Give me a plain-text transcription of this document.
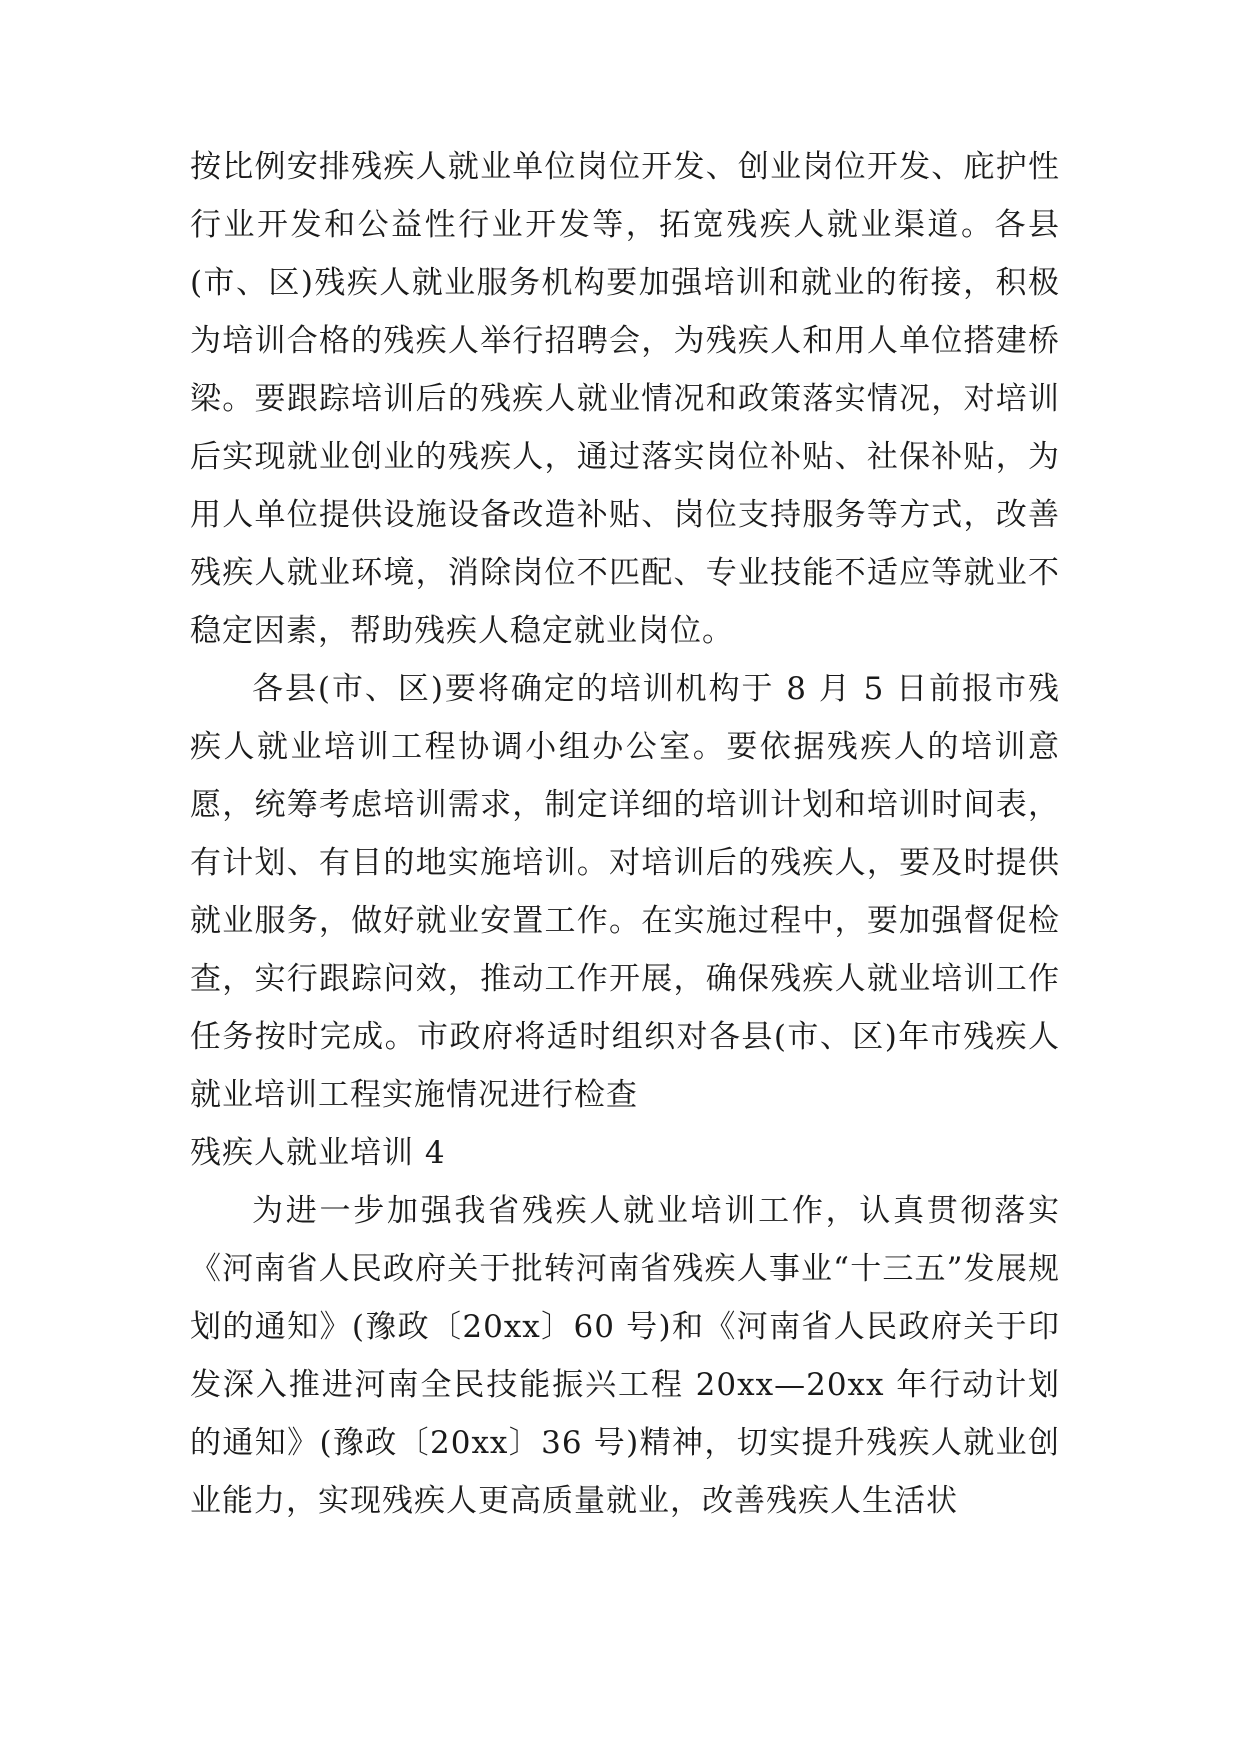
按比例安排残疾人就业单位岗位开发、创业岗位开发、庇护性行业开发和公益性行业开发等，拓宽残疾人就业渠道。各县(市、区)残疾人就业服务机构要加强培训和就业的衔接，积极为培训合格的残疾人举行招聘会，为残疾人和用人单位搭建桥梁。要跟踪培训后的残疾人就业情况和政策落实情况，对培训后实现就业创业的残疾人，通过落实岗位补贴、社保补贴，为用人单位提供设施设备改造补贴、岗位支持服务等方式，改善残疾人就业环境，消除岗位不匹配、专业技能不适应等就业不稳定因素，帮助残疾人稳定就业岗位。

各县(市、区)要将确定的培训机构于 8 月 5 日前报市残疾人就业培训工程协调小组办公室。要依据残疾人的培训意愿，统筹考虑培训需求，制定详细的培训计划和培训时间表，有计划、有目的地实施培训。对培训后的残疾人，要及时提供就业服务，做好就业安置工作。在实施过程中，要加强督促检查，实行跟踪问效，推动工作开展，确保残疾人就业培训工作任务按时完成。市政府将适时组织对各县(市、区)年市残疾人就业培训工程实施情况进行检查

残疾人就业培训 4

为进一步加强我省残疾人就业培训工作，认真贯彻落实《河南省人民政府关于批转河南省残疾人事业“十三五”发展规划的通知》(豫政〔20xx〕60 号)和《河南省人民政府关于印发深入推进河南全民技能振兴工程 20xx—20xx 年行动计划的通知》(豫政〔20xx〕36 号)精神，切实提升残疾人就业创业能力，实现残疾人更高质量就业，改善残疾人生活状
